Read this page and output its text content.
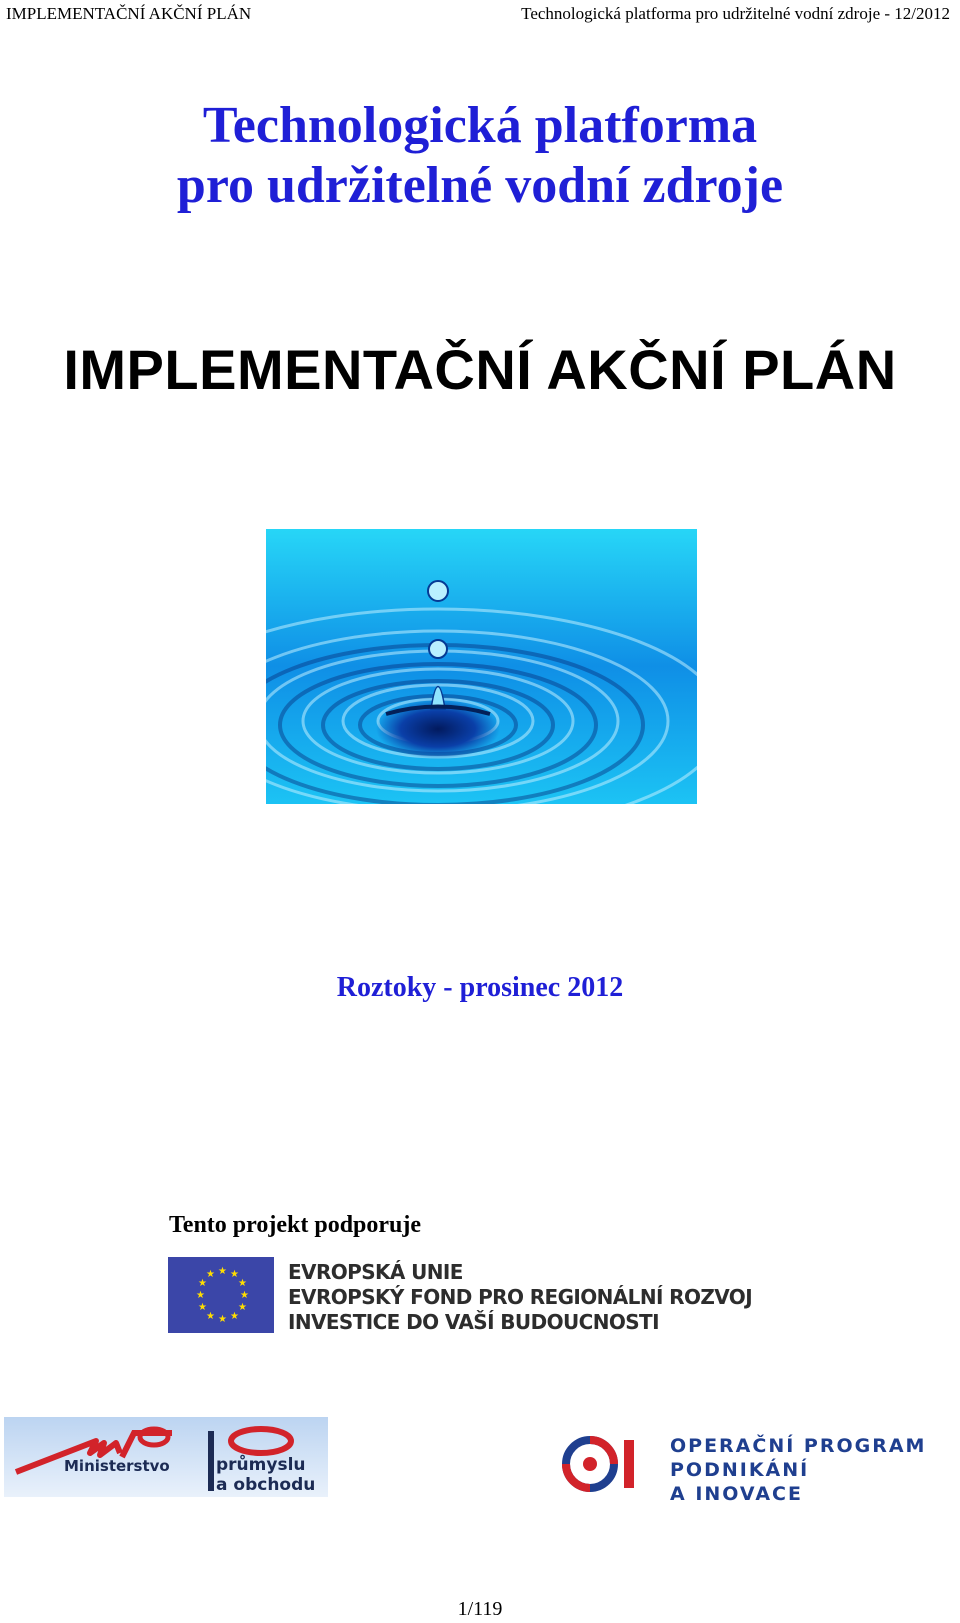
IMPLEMENTAČNÍ AKČNÍ PLÁN	Technologická platforma pro udržitelné vodní zdroje - 12/2012
Technologická platforma
pro udržitelné vodní zdroje
IMPLEMENTAČNÍ AKČNÍ PLÁN
Roztoky - prosinec 2012
Tento projekt podporuje
★ ★
★
★
★
★
★
★
★
★
★
★	EVROPSKÁ UNIE
EVROPSKÝ FOND PRO REGIONÁLNÍ ROZVOJ
INVESTICE DO VAŠÍ BUDOUCNOSTI
Ministerstvo	průmyslu
a obchodu
OPERAČNÍ PROGRAM
PODNIKÁNÍ
A INOVACE
1/119
